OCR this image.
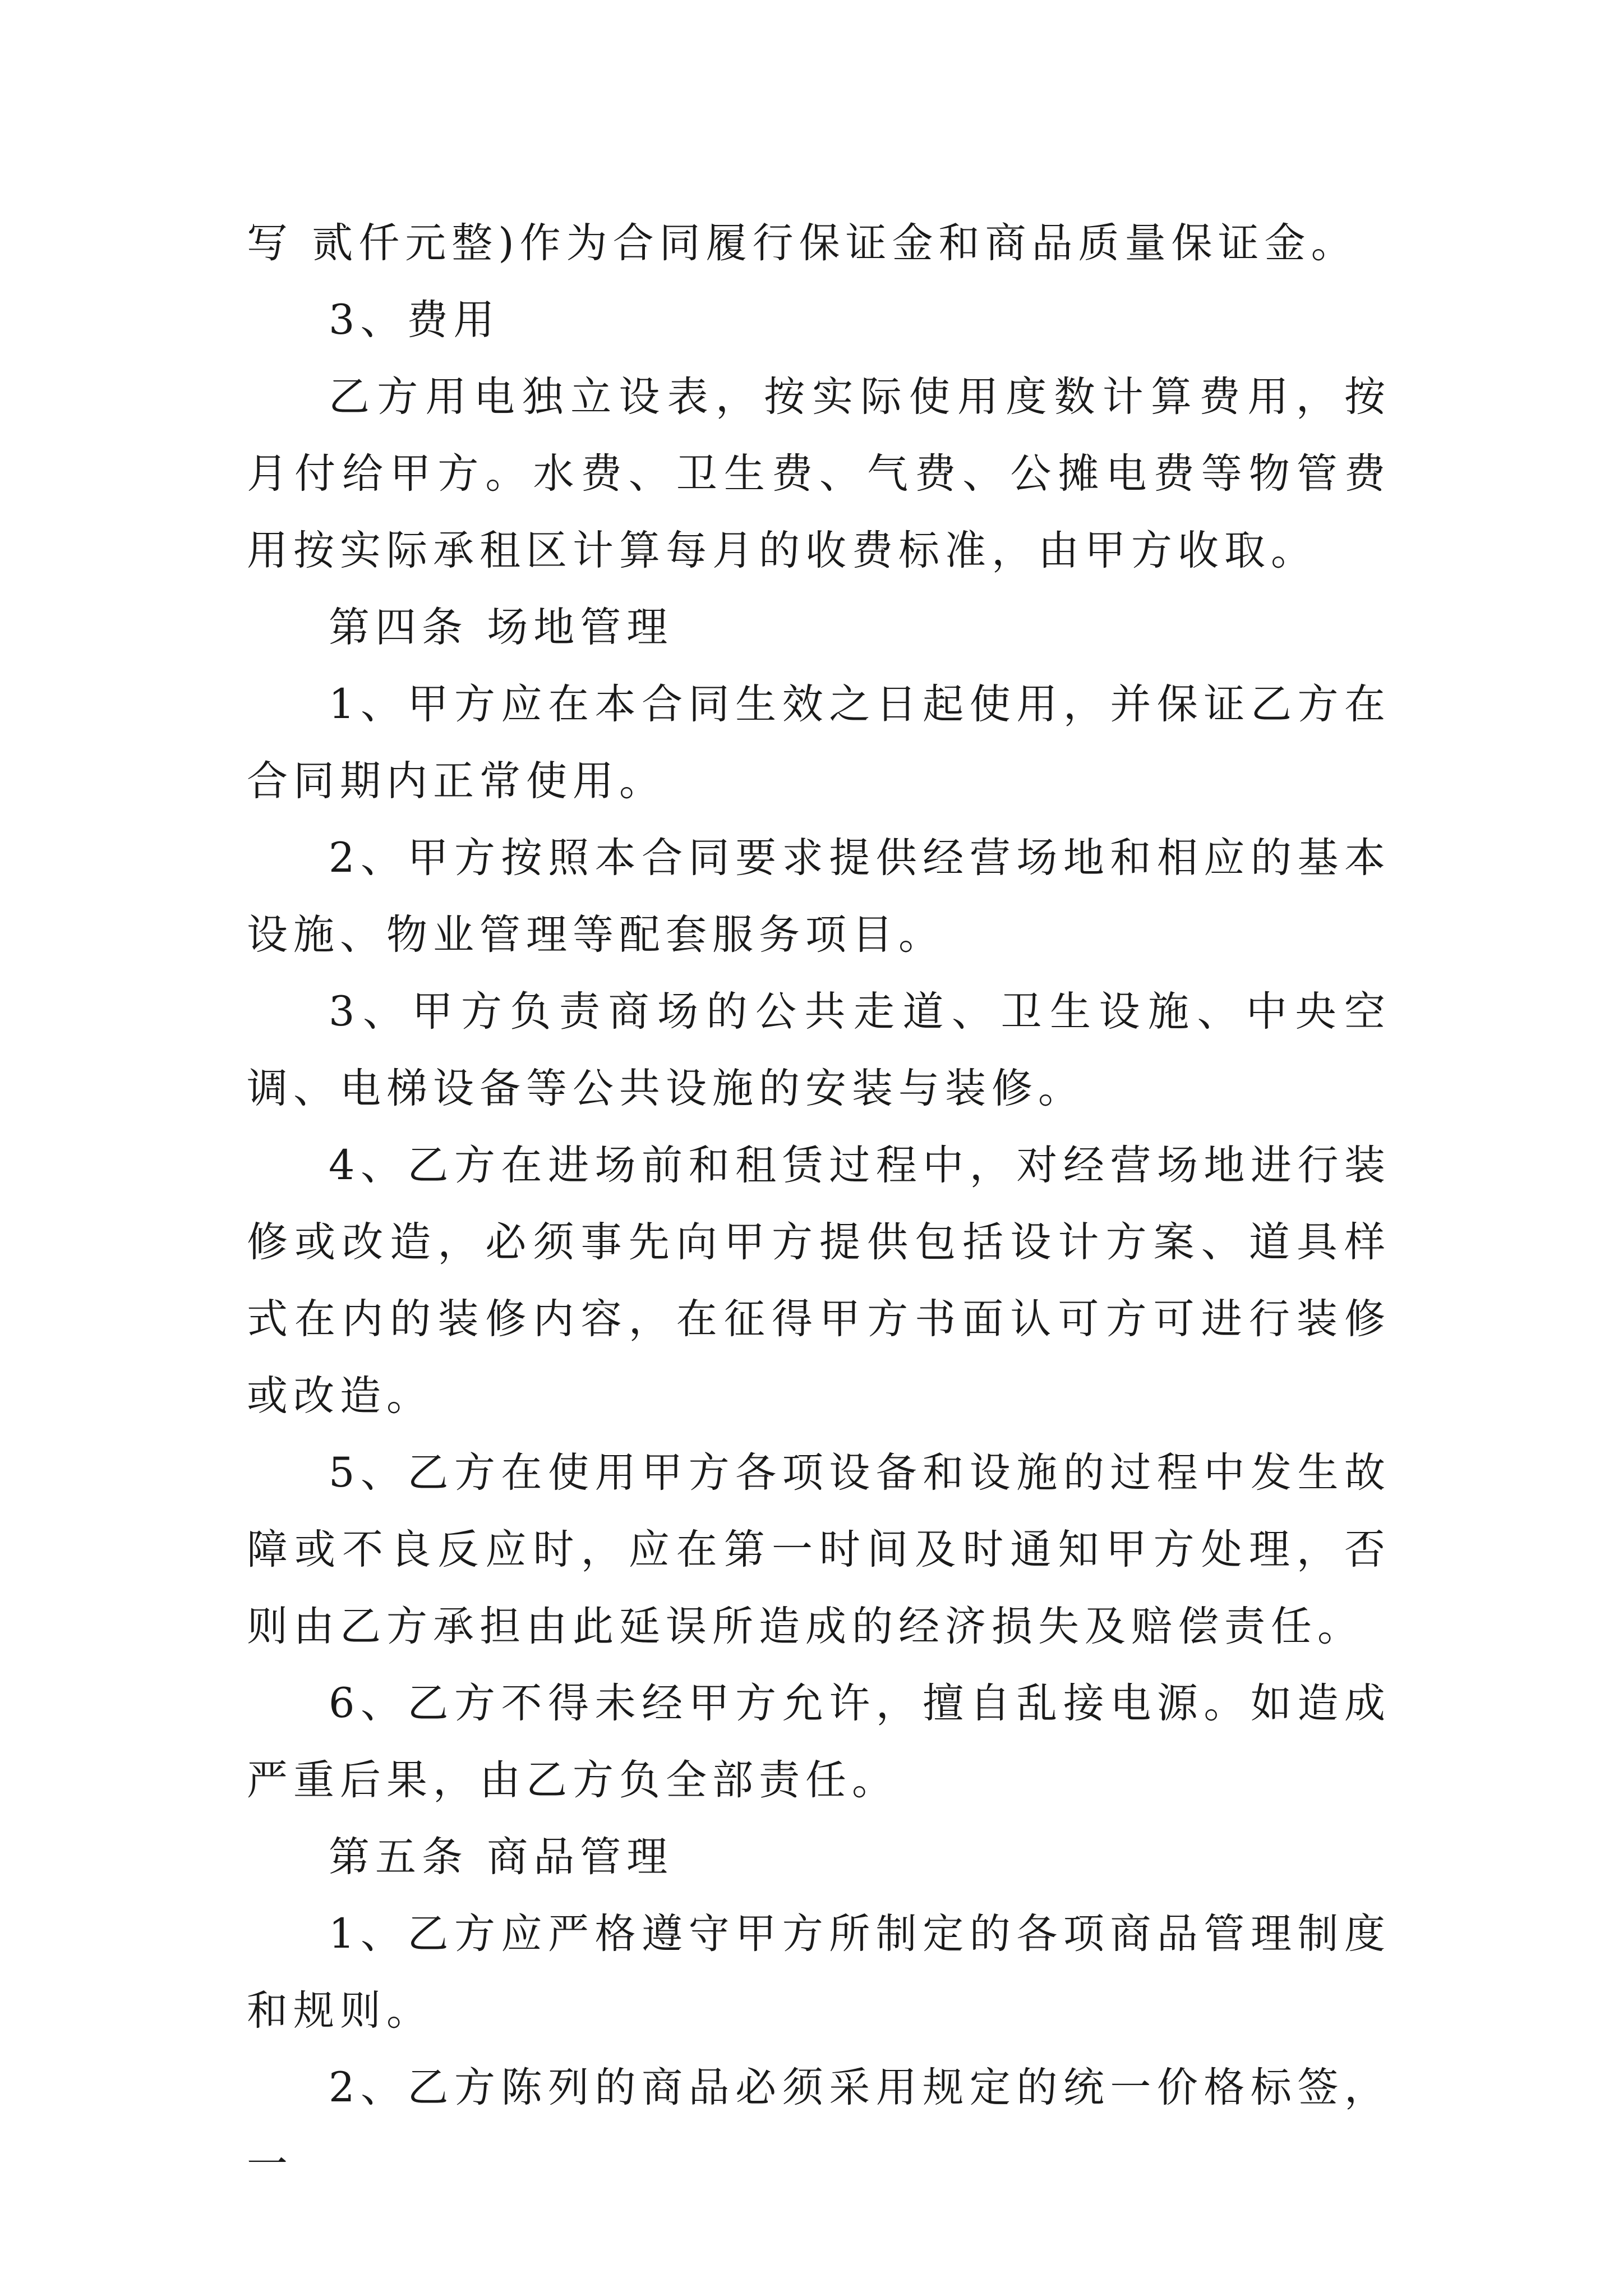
写 贰仟元整)作为合同履行保证金和商品质量保证金。

3、费用

乙方用电独立设表，按实际使用度数计算费用，按月付给甲方。水费、卫生费、气费、公摊电费等物管费用按实际承租区计算每月的收费标准，由甲方收取。

第四条 场地管理

1、甲方应在本合同生效之日起使用，并保证乙方在合同期内正常使用。

2、甲方按照本合同要求提供经营场地和相应的基本设施、物业管理等配套服务项目。

3、甲方负责商场的公共走道、卫生设施、中央空调、电梯设备等公共设施的安装与装修。

4、乙方在进场前和租赁过程中，对经营场地进行装修或改造，必须事先向甲方提供包括设计方案、道具样式在内的装修内容，在征得甲方书面认可方可进行装修或改造。

5、乙方在使用甲方各项设备和设施的过程中发生故障或不良反应时，应在第一时间及时通知甲方处理，否则由乙方承担由此延误所造成的经济损失及赔偿责任。

6、乙方不得未经甲方允许，擅自乱接电源。如造成严重后果，由乙方负全部责任。

第五条 商品管理

1、乙方应严格遵守甲方所制定的各项商品管理制度和规则。

2、乙方陈列的商品必须采用规定的统一价格标签，一
